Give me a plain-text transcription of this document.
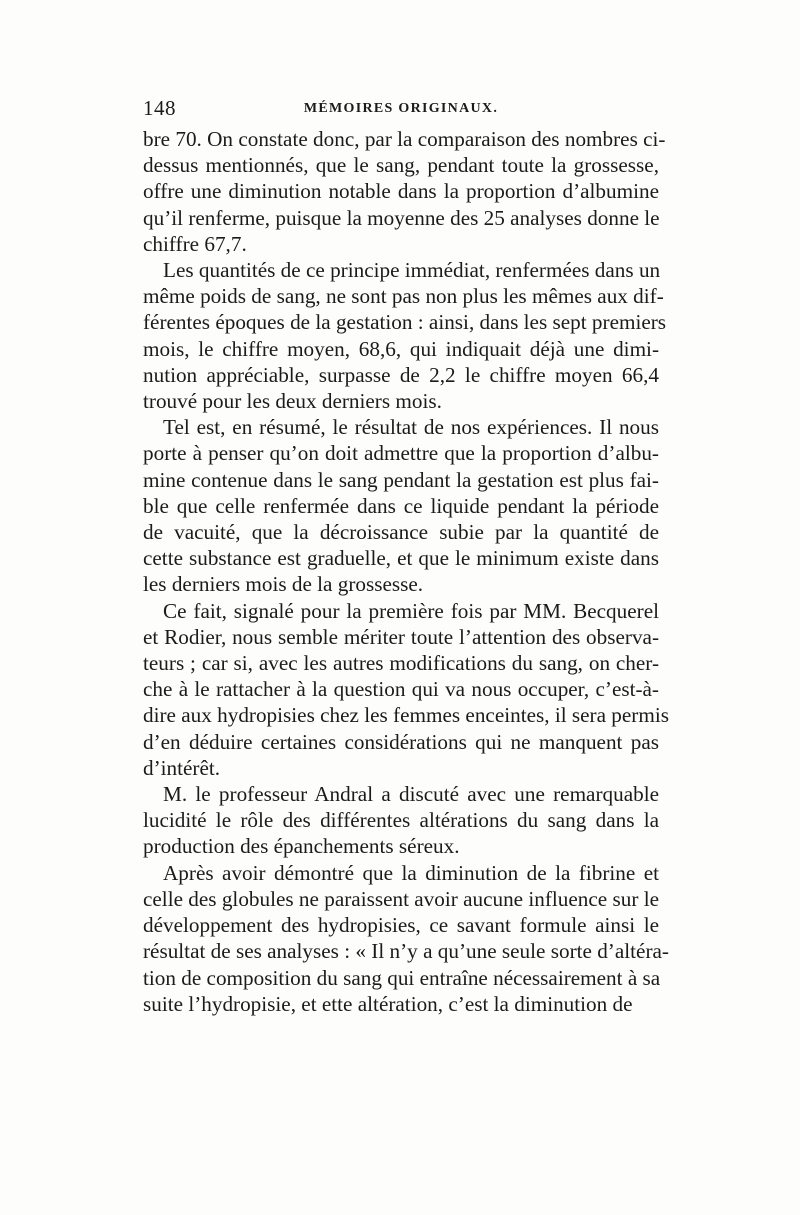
148	MÉMOIRES ORIGINAUX.

bre 70. On constate donc, par la comparaison des nombres ci-
dessus mentionnés, que le sang, pendant toute la grossesse,
offre une diminution notable dans la proportion d’albumine
qu’il renferme, puisque la moyenne des 25 analyses donne le
chiffre 67,7.

Les quantités de ce principe immédiat, renfermées dans un
même poids de sang, ne sont pas non plus les mêmes aux dif-
férentes époques de la gestation : ainsi, dans les sept premiers
mois, le chiffre moyen, 68,6, qui indiquait déjà une dimi-
nution appréciable, surpasse de 2,2 le chiffre moyen 66,4
trouvé pour les deux derniers mois.

Tel est, en résumé, le résultat de nos expériences. Il nous
porte à penser qu’on doit admettre que la proportion d’albu-
mine contenue dans le sang pendant la gestation est plus fai-
ble que celle renfermée dans ce liquide pendant la période
de vacuité, que la décroissance subie par la quantité de
cette substance est graduelle, et que le minimum existe dans
les derniers mois de la grossesse.

Ce fait, signalé pour la première fois par MM. Becquerel
et Rodier, nous semble mériter toute l’attention des observa-
teurs ; car si, avec les autres modifications du sang, on cher-
che à le rattacher à la question qui va nous occuper, c’est-à-
dire aux hydropisies chez les femmes enceintes, il sera permis
d’en déduire certaines considérations qui ne manquent pas
d’intérêt.

M. le professeur Andral a discuté avec une remarquable
lucidité le rôle des différentes altérations du sang dans la
production des épanchements séreux.

Après avoir démontré que la diminution de la fibrine et
celle des globules ne paraissent avoir aucune influence sur le
développement des hydropisies, ce savant formule ainsi le
résultat de ses analyses : « Il n’y a qu’une seule sorte d’altéra-
tion de composition du sang qui entraîne nécessairement à sa
suite l’hydropisie, et ette altération, c’est la diminution de
